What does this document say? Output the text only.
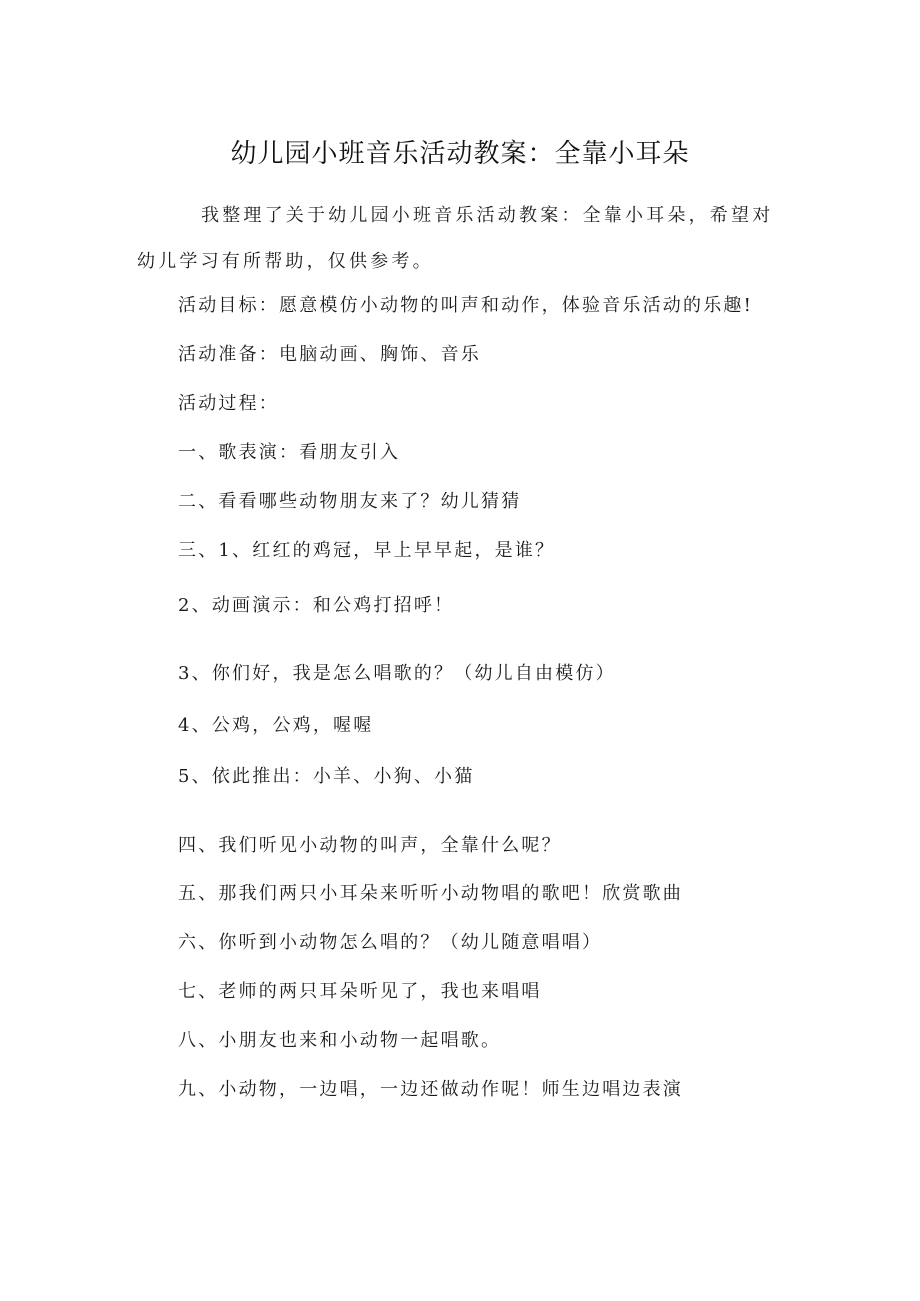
幼儿园小班音乐活动教案：全靠小耳朵

我整理了关于幼儿园小班音乐活动教案：全靠小耳朵，希望对幼儿学习有所帮助，仅供参考。

活动目标：愿意模仿小动物的叫声和动作，体验音乐活动的乐趣!

活动准备：电脑动画、胸饰、音乐

活动过程：

一、歌表演：看朋友引入

二、看看哪些动物朋友来了？幼儿猜猜

三、1、红红的鸡冠，早上早早起，是谁？

2、动画演示：和公鸡打招呼！

3、你们好，我是怎么唱歌的？（幼儿自由模仿）

4、公鸡，公鸡，喔喔

5、依此推出：小羊、小狗、小猫

四、我们听见小动物的叫声，全靠什么呢？

五、那我们两只小耳朵来听听小动物唱的歌吧！欣赏歌曲

六、你听到小动物怎么唱的？（幼儿随意唱唱）

七、老师的两只耳朵听见了，我也来唱唱

八、小朋友也来和小动物一起唱歌。

九、小动物，一边唱，一边还做动作呢！师生边唱边表演
